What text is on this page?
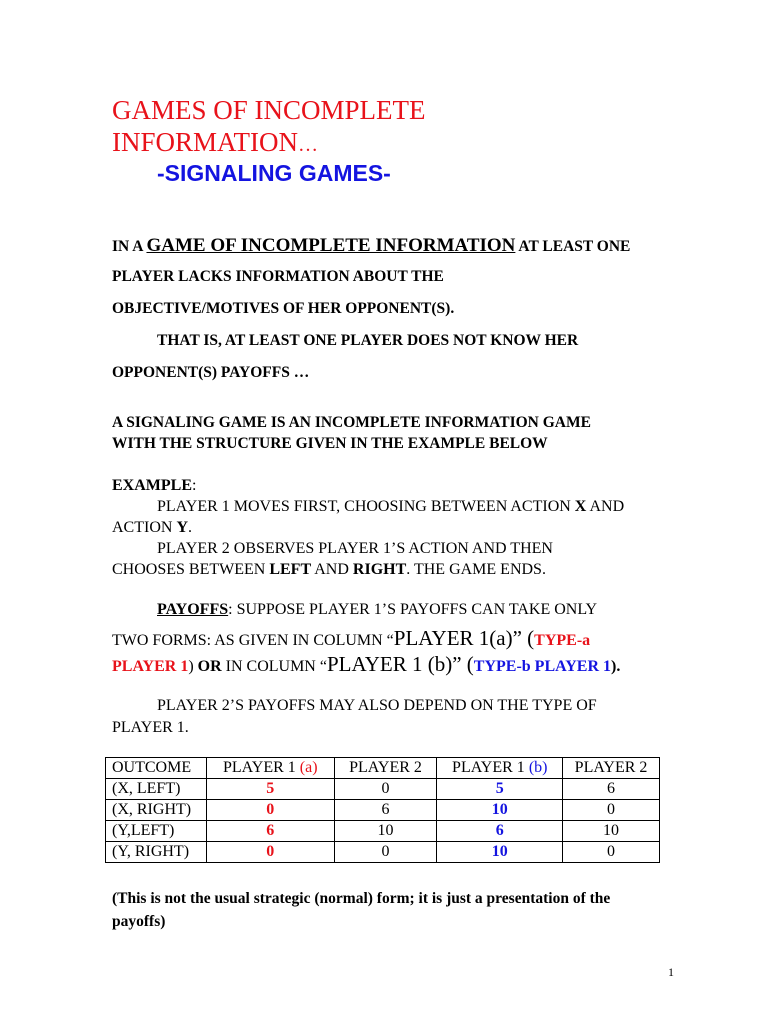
GAMES OF INCOMPLETE
INFORMATION…
-SIGNALING GAMES-
IN A GAME OF INCOMPLETE INFORMATION AT LEAST ONE
PLAYER LACKS INFORMATION ABOUT THE
OBJECTIVE/MOTIVES OF HER OPPONENT(S).
THAT IS, AT LEAST ONE PLAYER DOES NOT KNOW HER
OPPONENT(S) PAYOFFS …
A SIGNALING GAME IS AN INCOMPLETE INFORMATION GAME
WITH THE STRUCTURE GIVEN IN THE EXAMPLE BELOW
EXAMPLE:
PLAYER 1 MOVES FIRST, CHOOSING BETWEEN ACTION X AND
ACTION Y.
PLAYER 2 OBSERVES PLAYER 1’S ACTION AND THEN
CHOOSES BETWEEN LEFT AND RIGHT. THE GAME ENDS.
PAYOFFS: SUPPOSE PLAYER 1’S PAYOFFS CAN TAKE ONLY
TWO FORMS: AS GIVEN IN COLUMN “PLAYER 1(a)” (TYPE-a
PLAYER 1) OR IN COLUMN “PLAYER 1 (b)” (TYPE-b PLAYER 1).
PLAYER 2’S PAYOFFS MAY ALSO DEPEND ON THE TYPE OF
PLAYER 1.
OUTCOME	PLAYER 1 (a)	PLAYER 2	PLAYER 1 (b)	PLAYER 2
(X, LEFT)	5	0	5	6
(X, RIGHT)	0	6	10	0
(Y,LEFT)	6	10	6	10
(Y, RIGHT)	0	0	10	0
(This is not the usual strategic (normal) form; it is just a presentation of the
payoffs)
1
